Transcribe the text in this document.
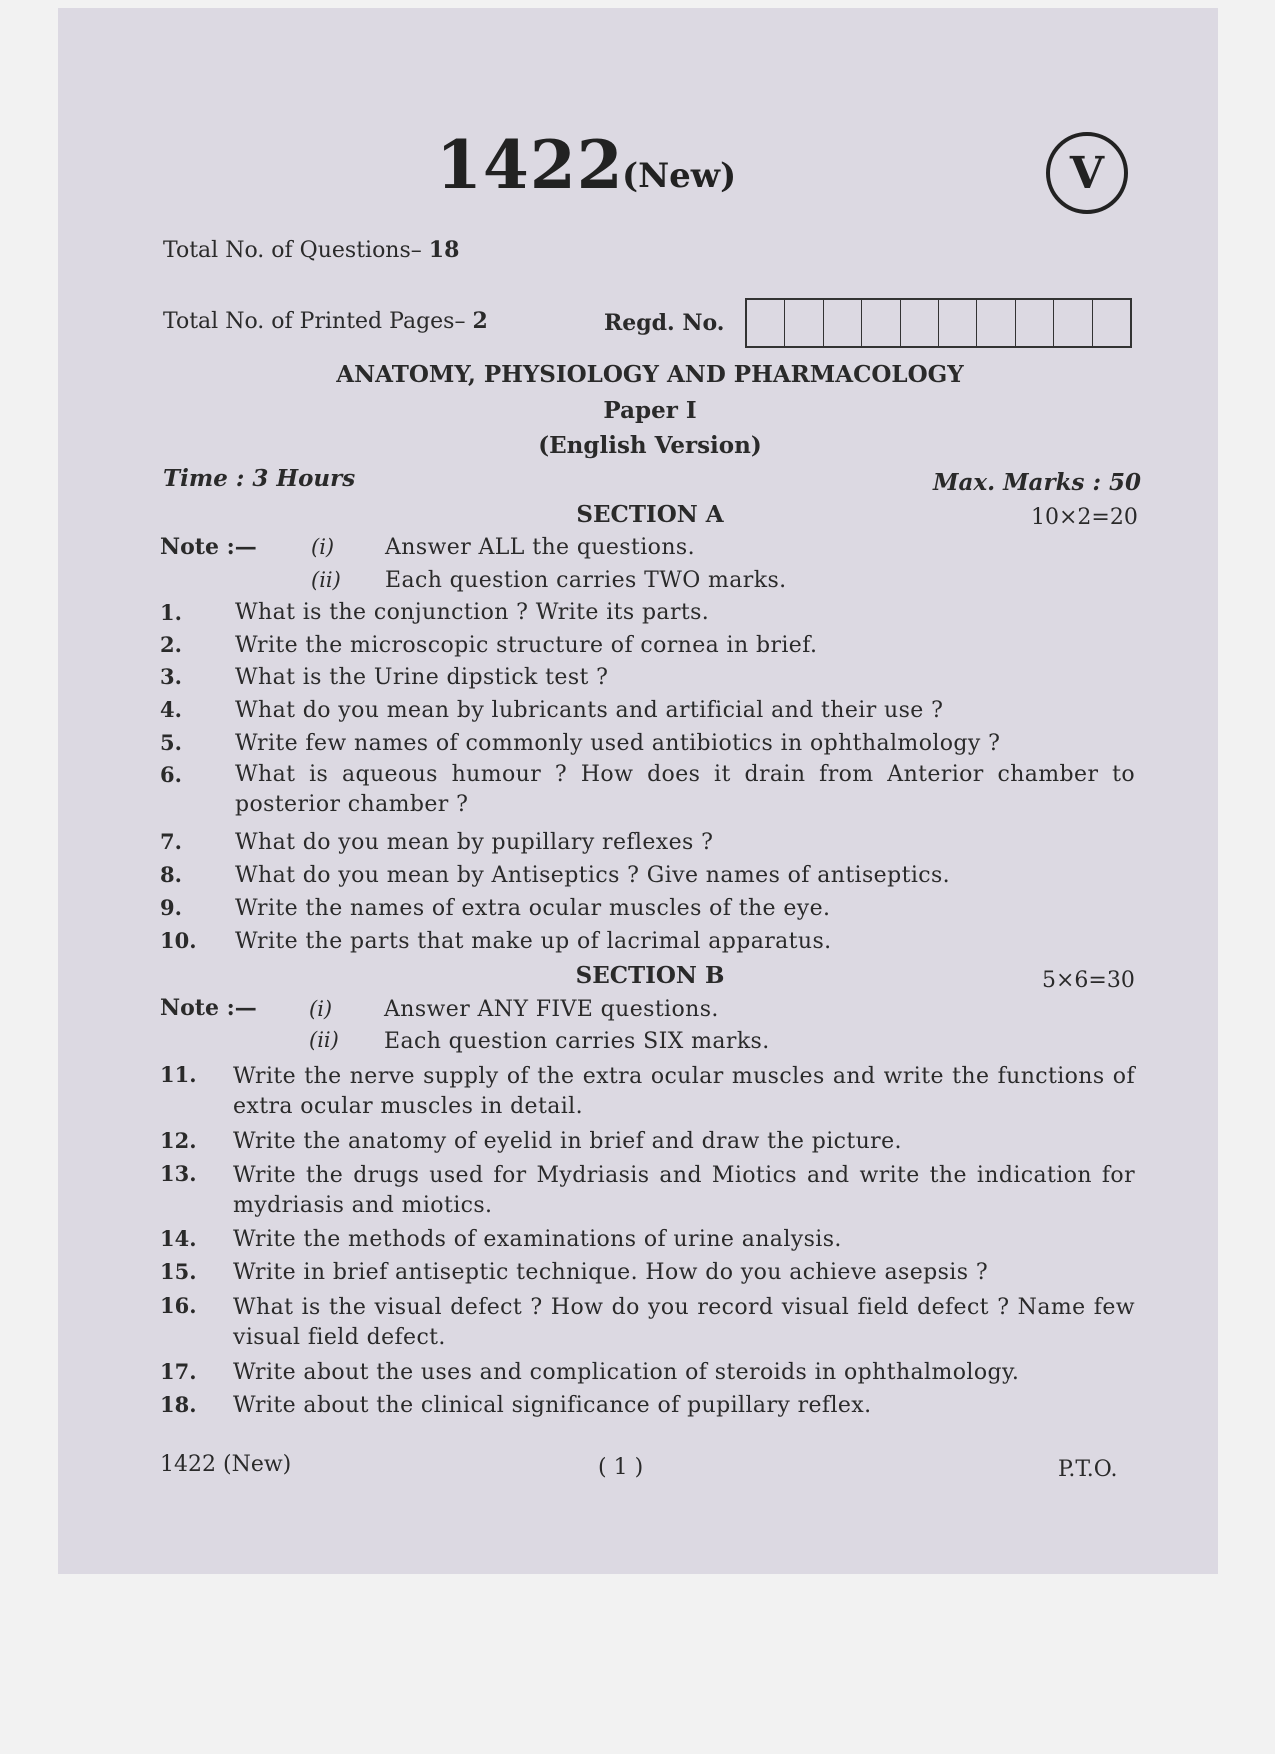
1422
(New)	V
Total No. of Questions– 18
Total No. of Printed Pages– 2	Regd. No.
ANATOMY, PHYSIOLOGY AND PHARMACOLOGY
Paper I
(English Version)
Time : 3 Hours	Max. Marks : 50
SECTION A	10×2=20
Note :—	(i) Answer ALL the questions.
(ii) Each question carries TWO marks.
1. What is the conjunction ? Write its parts.
2. Write the microscopic structure of cornea in brief.
3. What is the Urine dipstick test ?
4. What do you mean by lubricants and artificial and their use ?
5. Write few names of commonly used antibiotics in ophthalmology ?
6. What is aqueous humour ? How does it drain from Anterior chamber to posterior chamber ?
7. What do you mean by pupillary reflexes ?
8. What do you mean by Antiseptics ? Give names of antiseptics.
9. Write the names of extra ocular muscles of the eye.
10. Write the parts that make up of lacrimal apparatus.
SECTION B	5×6=30
Note :— (i) Answer ANY FIVE questions.
(ii) Each question carries SIX marks.
11. Write the nerve supply of the extra ocular muscles and write the functions of extra ocular muscles in detail.
12. Write the anatomy of eyelid in brief and draw the picture.
13. Write the drugs used for Mydriasis and Miotics and write the indication for mydriasis and miotics.
14. Write the methods of examinations of urine analysis.
15. Write in brief antiseptic technique. How do you achieve asepsis ?
16. What is the visual defect ? How do you record visual field defect ? Name few visual field defect.
17. Write about the uses and complication of steroids in ophthalmology.
18. Write about the clinical significance of pupillary reflex.
1422 (New)	( 1 )	P.T.O.
